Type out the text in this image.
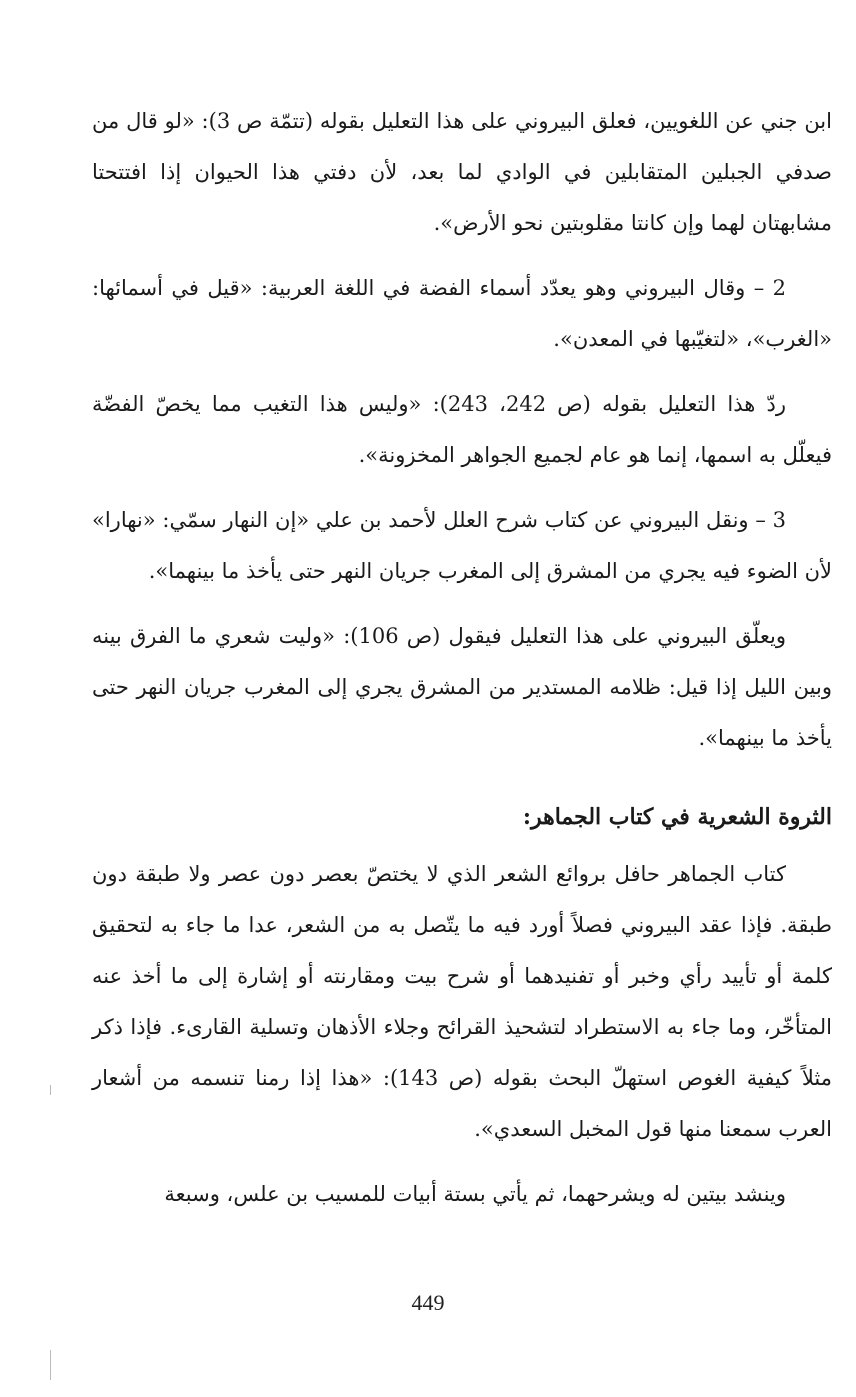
ابن جني عن اللغويين، فعلق البيروني على هذا التعليل بقوله (تتمّة ص 3): «لو قال من صدفي الجبلين المتقابلين في الوادي لما بعد، لأن دفتي هذا الحيوان إذا افتتحتا مشابهتان لهما وإن كانتا مقلوبتين نحو الأرض».

2 – وقال البيروني وهو يعدّد أسماء الفضة في اللغة العربية: «قيل في أسمائها: «الغرب»، «لتغيّبها في المعدن».

ردّ هذا التعليل بقوله (ص 242، 243): «وليس هذا التغيب مما يخصّ الفضّة فيعلّل به اسمها، إنما هو عام لجميع الجواهر المخزونة».

3 – ونقل البيروني عن كتاب شرح العلل لأحمد بن علي «إن النهار سمّي: «نهارا» لأن الضوء فيه يجري من المشرق إلى المغرب جريان النهر حتى يأخذ ما بينهما».

ويعلّق البيروني على هذا التعليل فيقول (ص 106): «وليت شعري ما الفرق بينه وبين الليل إذا قيل: ظلامه المستدير من المشرق يجري إلى المغرب جريان النهر حتى يأخذ ما بينهما».

الثروة الشعرية في كتاب الجماهر:

كتاب الجماهر حافل بروائع الشعر الذي لا يختصّ بعصر دون عصر ولا طبقة دون طبقة. فإذا عقد البيروني فصلاً أورد فيه ما يتّصل به من الشعر، عدا ما جاء به لتحقيق كلمة أو تأييد رأي وخبر أو تفنيدهما أو شرح بيت ومقارنته أو إشارة إلى ما أخذ عنه المتأخّر، وما جاء به الاستطراد لتشحيذ القرائح وجلاء الأذهان وتسلية القارىء. فإذا ذكر مثلاً كيفية الغوص استهلّ البحث بقوله (ص 143): «هذا إذا رمنا تنسمه من أشعار العرب سمعنا منها قول المخبل السعدي».

وينشد بيتين له ويشرحهما، ثم يأتي بستة أبيات للمسيب بن علس، وسبعة

449
